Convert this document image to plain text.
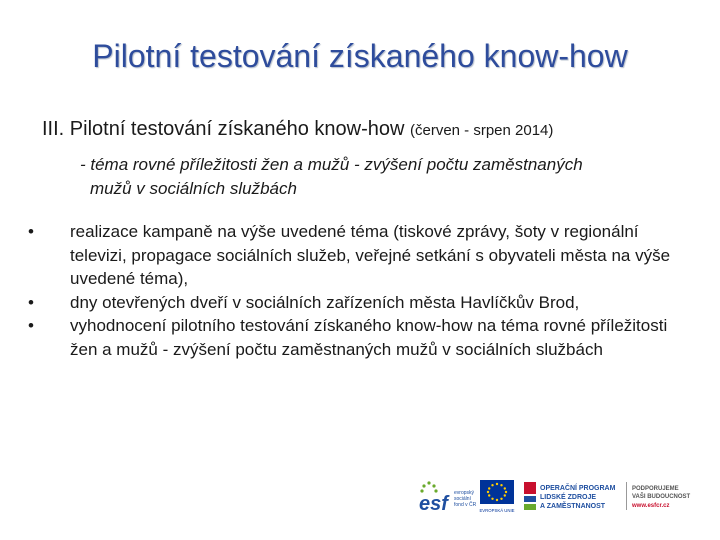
Pilotní testování získaného know-how
III. Pilotní testování získaného know-how (červen - srpen 2014)
- téma rovné příležitosti žen a mužů - zvýšení počtu zaměstnaných
mužů v sociálních službách
• realizace kampaně na výše uvedené téma (tiskové zprávy, šoty v regionální televizi, propagace sociálních služeb, veřejné setkání s obyvateli města na výše uvedené téma),
• dny otevřených dveří v sociálních zařízeních města Havlíčkův Brod,
• vyhodnocení pilotního testování získaného know-how na téma rovné příležitosti žen a mužů - zvýšení počtu zaměstnaných mužů v sociálních službách
esf	evropský
sociální
fond v ČR
EVROPSKÁ UNIE
OPERAČNÍ PROGRAM
LIDSKÉ ZDROJE
A ZAMĚSTNANOST
PODPORUJEME
VAŠI BUDOUCNOST
www.esfcr.cz
